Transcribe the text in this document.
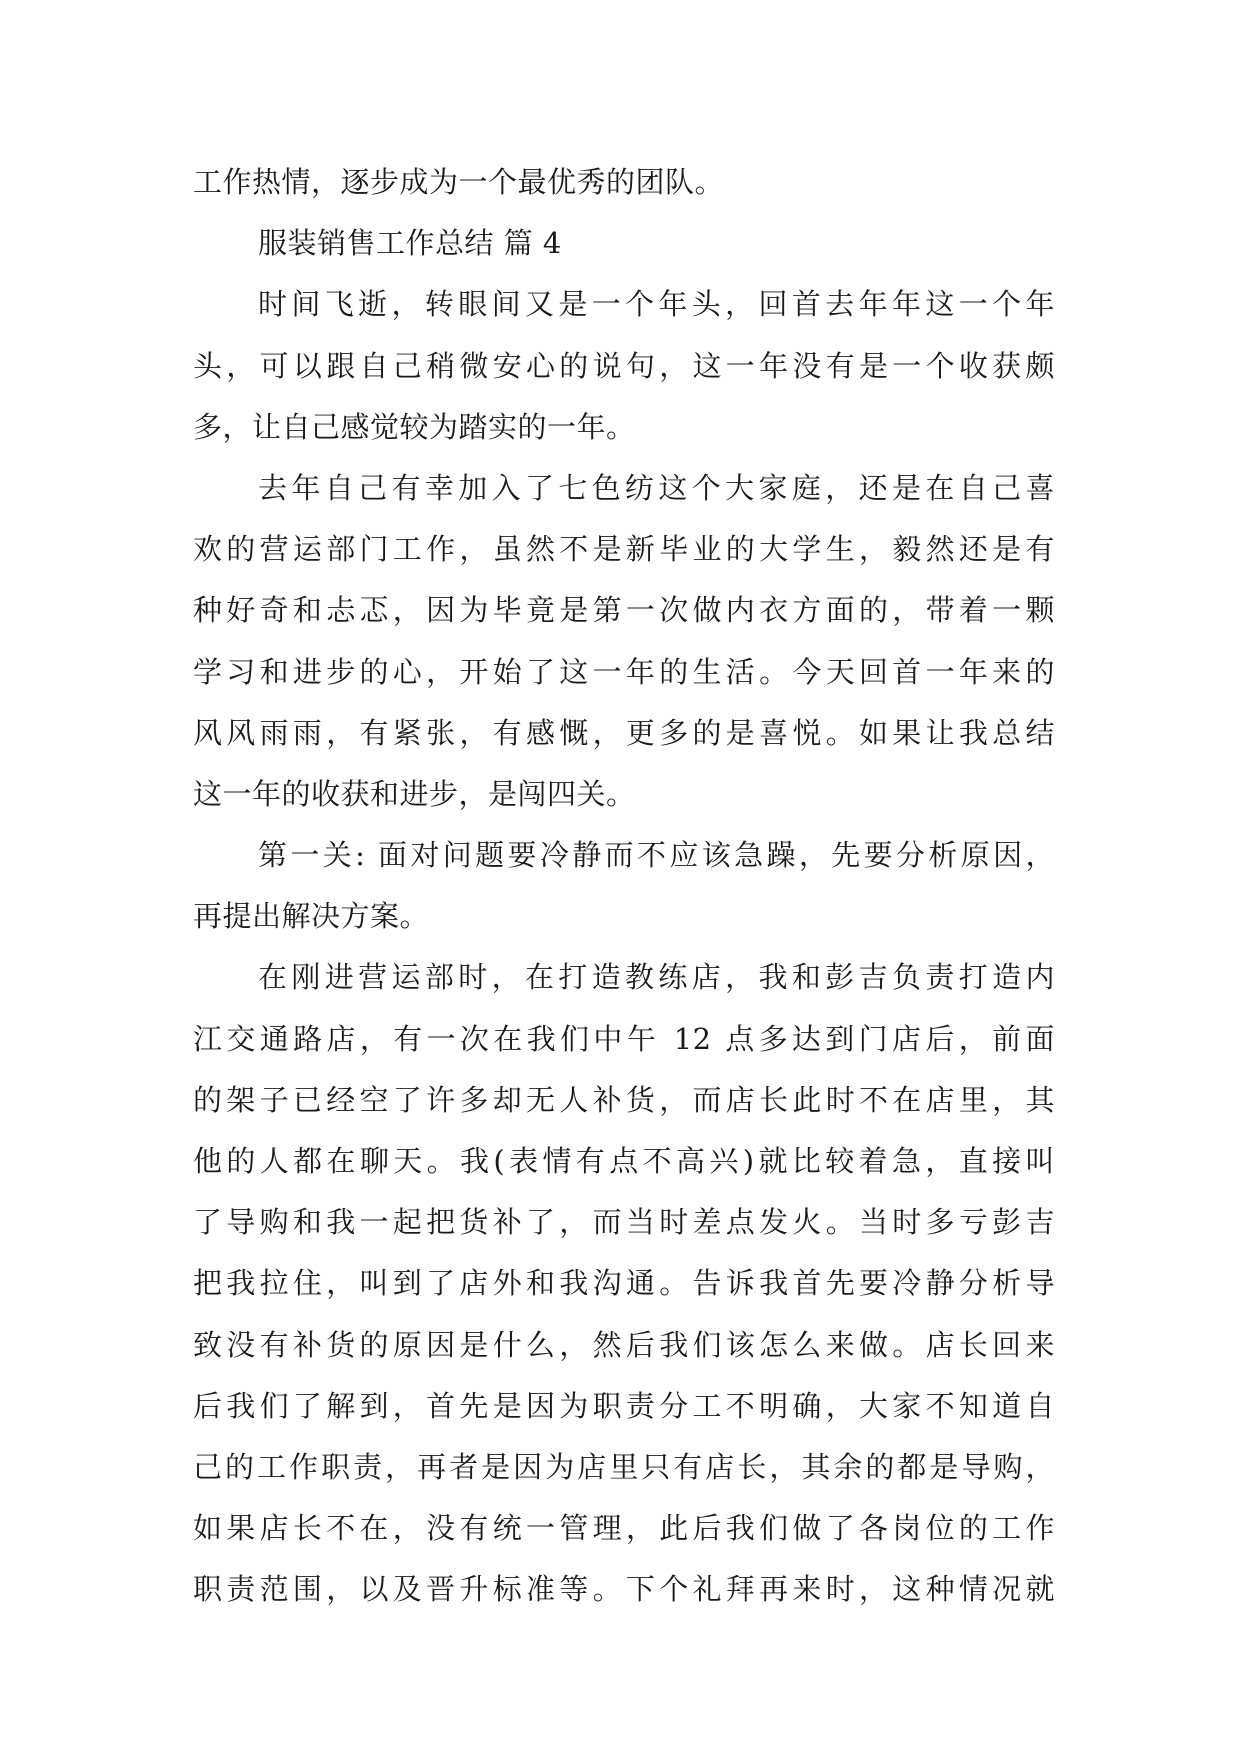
工作热情，逐步成为一个最优秀的团队。
服装销售工作总结 篇 4
时间飞逝，转眼间又是一个年头，回首去年年这一个年
头，可以跟自己稍微安心的说句，这一年没有是一个收获颇
多，让自己感觉较为踏实的一年。
去年自己有幸加入了七色纺这个大家庭，还是在自己喜
欢的营运部门工作，虽然不是新毕业的大学生，毅然还是有
种好奇和忐忑，因为毕竟是第一次做内衣方面的，带着一颗
学习和进步的心，开始了这一年的生活。今天回首一年来的
风风雨雨，有紧张，有感慨，更多的是喜悦。如果让我总结
这一年的收获和进步，是闯四关。
第一关: 面对问题要冷静而不应该急躁，先要分析原因，
再提出解决方案。
在刚进营运部时，在打造教练店，我和彭吉负责打造内
江交通路店，有一次在我们中午 12 点多达到门店后，前面
的架子已经空了许多却无人补货，而店长此时不在店里，其
他的人都在聊天。我(表情有点不高兴)就比较着急，直接叫
了导购和我一起把货补了，而当时差点发火。当时多亏彭吉
把我拉住，叫到了店外和我沟通。告诉我首先要冷静分析导
致没有补货的原因是什么，然后我们该怎么来做。店长回来
后我们了解到，首先是因为职责分工不明确，大家不知道自
己的工作职责，再者是因为店里只有店长，其余的都是导购，
如果店长不在，没有统一管理，此后我们做了各岗位的工作
职责范围，以及晋升标准等。下个礼拜再来时，这种情况就
